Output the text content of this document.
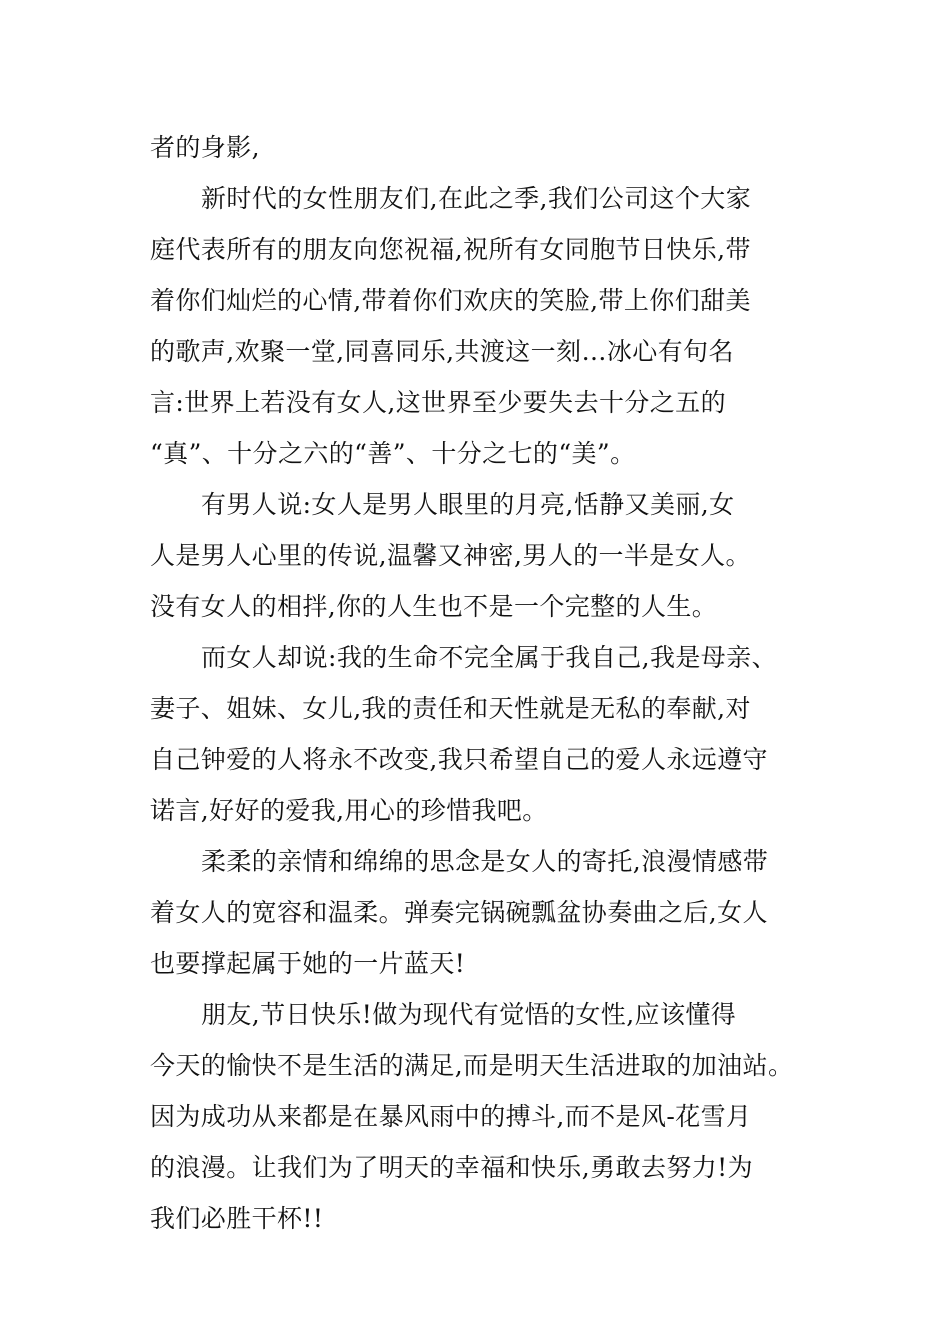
者的身影,
新时代的女性朋友们,在此之季,我们公司这个大家
庭代表所有的朋友向您祝福,祝所有女同胞节日快乐,带
着你们灿烂的心情,带着你们欢庆的笑脸,带上你们甜美
的歌声,欢聚一堂,同喜同乐,共渡这一刻…冰心有句名
言:世界上若没有女人,这世界至少要失去十分之五的
“真”、十分之六的“善”、十分之七的“美”。
有男人说:女人是男人眼里的月亮,恬静又美丽,女
人是男人心里的传说,温馨又神密,男人的一半是女人。
没有女人的相拌,你的人生也不是一个完整的人生。
而女人却说:我的生命不完全属于我自己,我是母亲、
妻子、姐妹、女儿,我的责任和天性就是无私的奉献,对
自己钟爱的人将永不改变,我只希望自己的爱人永远遵守
诺言,好好的爱我,用心的珍惜我吧。
柔柔的亲情和绵绵的思念是女人的寄托,浪漫情感带
着女人的宽容和温柔。弹奏完锅碗瓢盆协奏曲之后,女人
也要撑起属于她的一片蓝天!
朋友,节日快乐!做为现代有觉悟的女性,应该懂得
今天的愉快不是生活的满足,而是明天生活进取的加油站。
因为成功从来都是在暴风雨中的搏斗,而不是风-花雪月
的浪漫。让我们为了明天的幸福和快乐,勇敢去努力!为
我们必胜干杯!!
